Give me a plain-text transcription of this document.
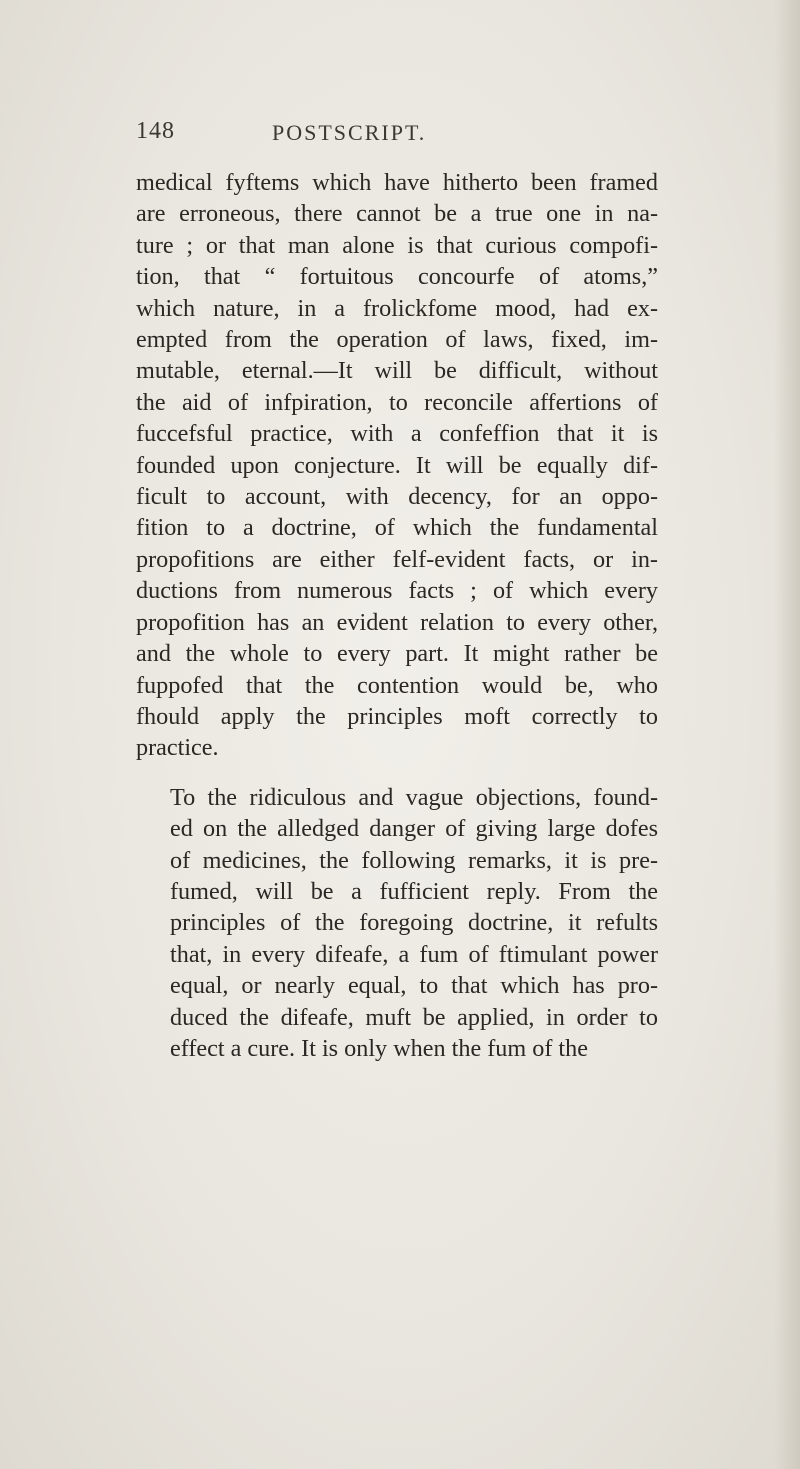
148	POSTSCRIPT.

medical fyftems which have hitherto been framed
are erroneous, there cannot be a true one in na-
ture ; or that man alone is that curious compofi-
tion, that “ fortuitous concourfe of atoms,”
which nature, in a frolickfome mood, had ex-
empted from the operation of laws, fixed, im-
mutable, eternal.—It will be difficult, without
the aid of infpiration, to reconcile affertions of
fuccefsful practice, with a confeffion that it is
founded upon conjecture. It will be equally dif-
ficult to account, with decency, for an oppo-
fition to a doctrine, of which the fundamental
propofitions are either felf-evident facts, or in-
ductions from numerous facts ; of which every
propofition has an evident relation to every other,
and the whole to every part. It might rather be
fuppofed that the contention would be, who
fhould apply the principles moft correctly to
practice.

To the ridiculous and vague objections, found-
ed on the alledged danger of giving large dofes
of medicines, the following remarks, it is pre-
fumed, will be a fufficient reply. From the
principles of the foregoing doctrine, it refults
that, in every difeafe, a fum of ftimulant power
equal, or nearly equal, to that which has pro-
duced the difeafe, muft be applied, in order to
effect a cure. It is only when the fum of the
